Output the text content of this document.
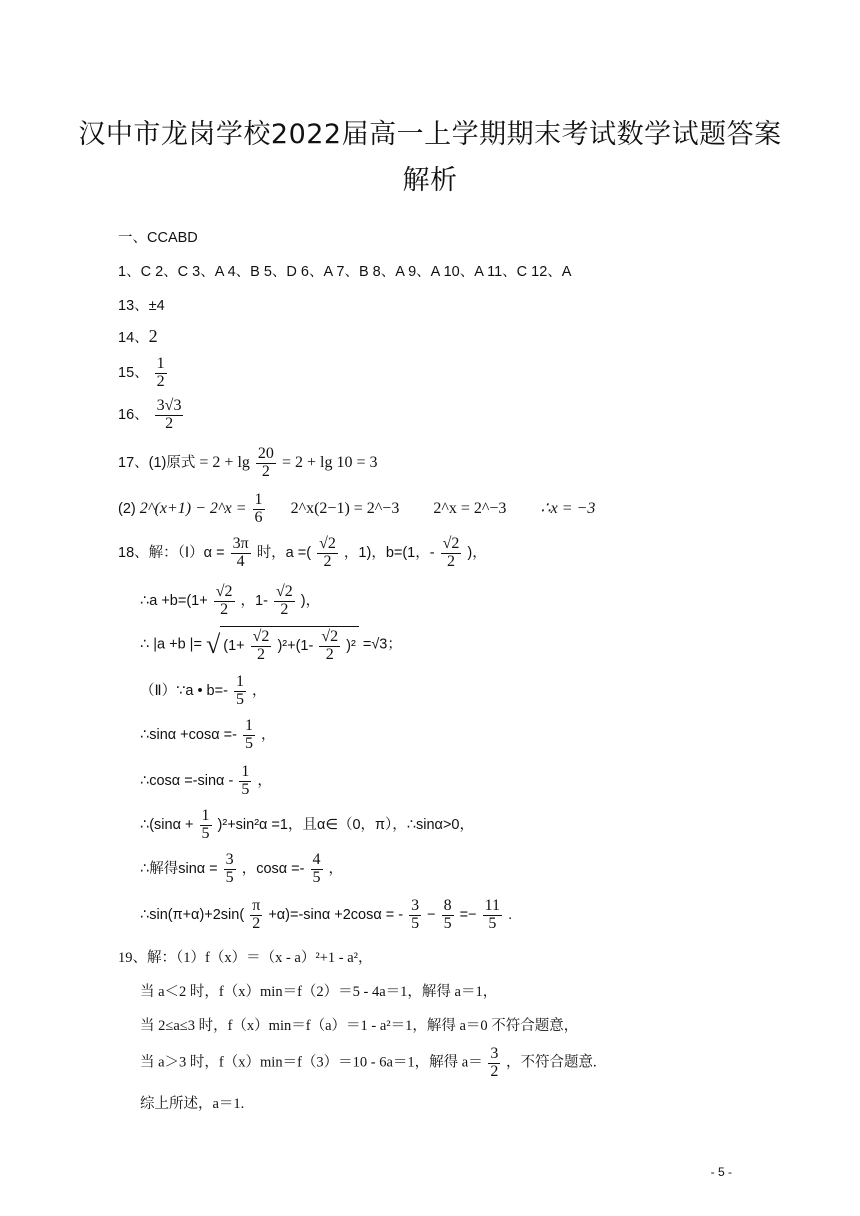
汉中市龙岗学校2022届高一上学期期末考试数学试题答案
解析
一、CCABD
1、C 2、C 3、A 4、B 5、D 6、A 7、B 8、A 9、A 10、A 11、C 12、A
13、±4
14、2
15、 $\frac{1}{2}$
16、 $\frac{3√3}{2}$
17、(1)原式 = $2 + \lg \frac{20}{2} = 2 + \lg 10 = 3$
(2) 2^(x+1) − 2^x = $\frac{1}{6}$ 2^x(2−1) = 2^−3 2^x = 2^−3 ∴x = −3
18、解：（Ⅰ）α = $\frac{3\pi}{4}$ 时，a =( $\frac{√2}{2}$ ，1)，b=(1，- $\frac{√2}{2}$ )，
∴a $+b=(1+ \frac{√2}{2}$ ，$1- \frac{√2}{2}$ )，
∴ |a +b |= √ $(1+ \frac{√2}{2} )^2+(1- \frac{√2}{2} )^2 =√3$；
（Ⅱ）∵a • $b=- \frac{1}{5}$ ，
∴sinα $+\cos\alpha =- \frac{1}{5}$ ，
∴cosα $=-\sin\alpha - \frac{1}{5}$ ，
∴(sinα + $\frac{1}{5} )^2+\sin^2\alpha =1$，且α∈（0，π），∴sinα>0，
∴解得$\sin\alpha = \frac{3}{5}$ ，$\cos\alpha =- \frac{4}{5}$ ，
∴sin(π+α)+2sin( $\frac{\pi}{2} +\alpha)=-\sin\alpha +2\cos\alpha$ = - $\frac{3}{5} - \frac{8}{5} =- \frac{11}{5}$ .
19、解：（1）f（x）＝（x - a）²+1 - a²，
当 a＜2 时，f（x）min＝f（2）＝5 - 4a＝1，解得 a＝1，
当 2≤a≤3 时，f（x）min＝f（a）＝1 - a²＝1，解得 a＝0 不符合题意，
当 a＞3 时，f（x）min＝f（3）＝10 - 6a＝1，解得 $a= \frac{3}{2}$ ，不符合题意.
综上所述，a＝1.
- 5 -
